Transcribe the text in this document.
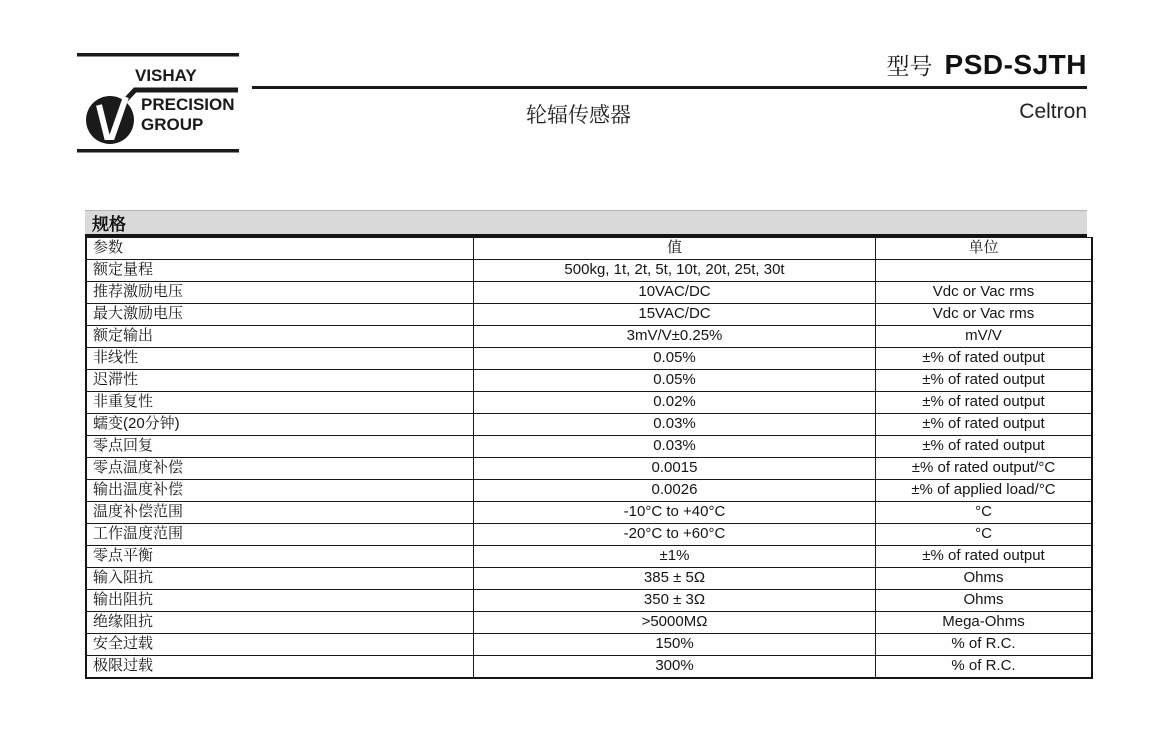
VISHAY
PRECISION
GROUP
型号 PSD-SJTH
轮辐传感器	Celtron
规格
参数	值	单位
额定量程	500kg, 1t, 2t, 5t, 10t, 20t, 25t, 30t	
推荐激励电压	10VAC/DC	Vdc or Vac rms
最大激励电压	15VAC/DC	Vdc or Vac rms
额定输出	3mV/V±0.25%	mV/V
非线性	0.05%	±% of rated output
迟滞性	0.05%	±% of rated output
非重复性	0.02%	±% of rated output
蠕变(20分钟)	0.03%	±% of rated output
零点回复	0.03%	±% of rated output
零点温度补偿	0.0015	±% of rated output/°C
输出温度补偿	0.0026	±% of applied load/°C
温度补偿范围	-10°C to +40°C	°C
工作温度范围	-20°C to +60°C	°C
零点平衡	±1%	±% of rated output
输入阻抗	385 ± 5Ω	Ohms
输出阻抗	350 ± 3Ω	Ohms
绝缘阻抗	>5000MΩ	Mega-Ohms
安全过载	150%	% of R.C.
极限过载	300%	% of R.C.
